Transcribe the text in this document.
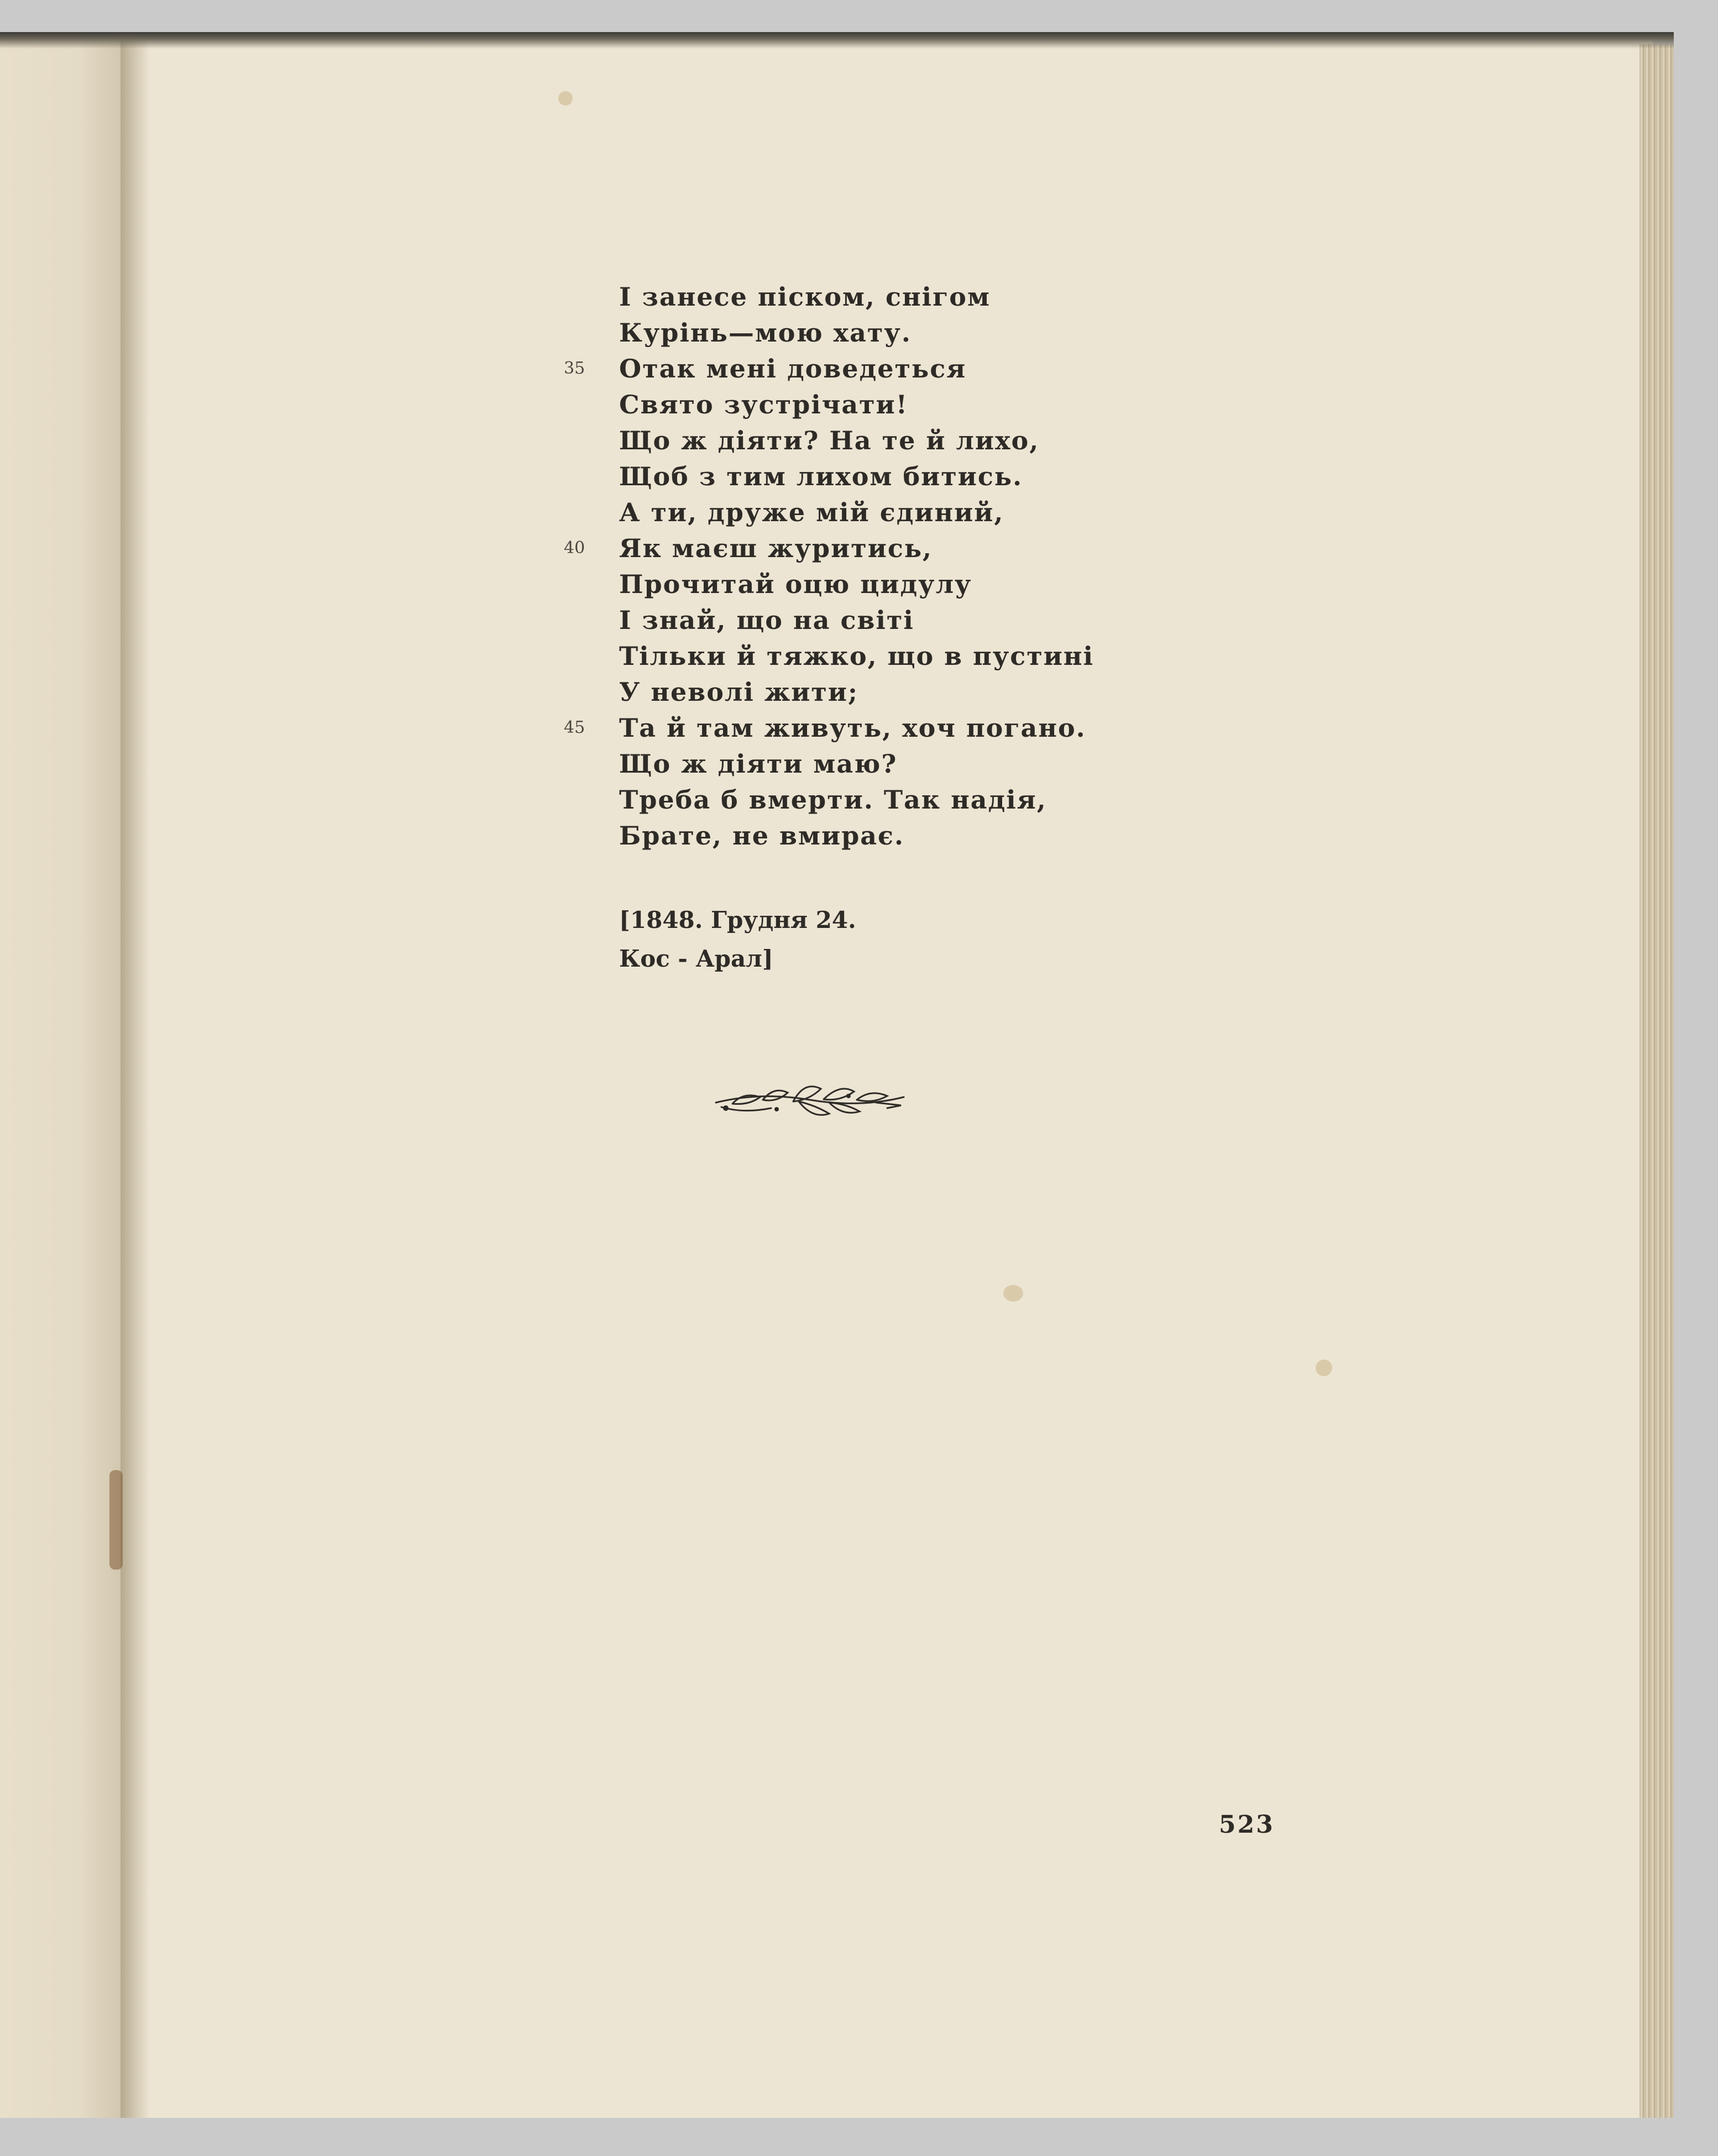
І занесе піском, снігом
Курінь—мою хату.
Отак мені доведеться
35
Свято зустрічати!
Що ж діяти? На те й лихо,
Щоб з тим лихом битись.
А ти, друже мій єдиний,
Як маєш журитись,
40
Прочитай оцю цидулу
І знай, що на світі
Тільки й тяжко, що в пустині
У неволі жити;
Та й там живуть, хоч погано.
45
Що ж діяти маю?
Треба б вмерти. Так надія,
Брате, не вмирає.
[1848. Грудня 24.
Кос - Арал]
523
